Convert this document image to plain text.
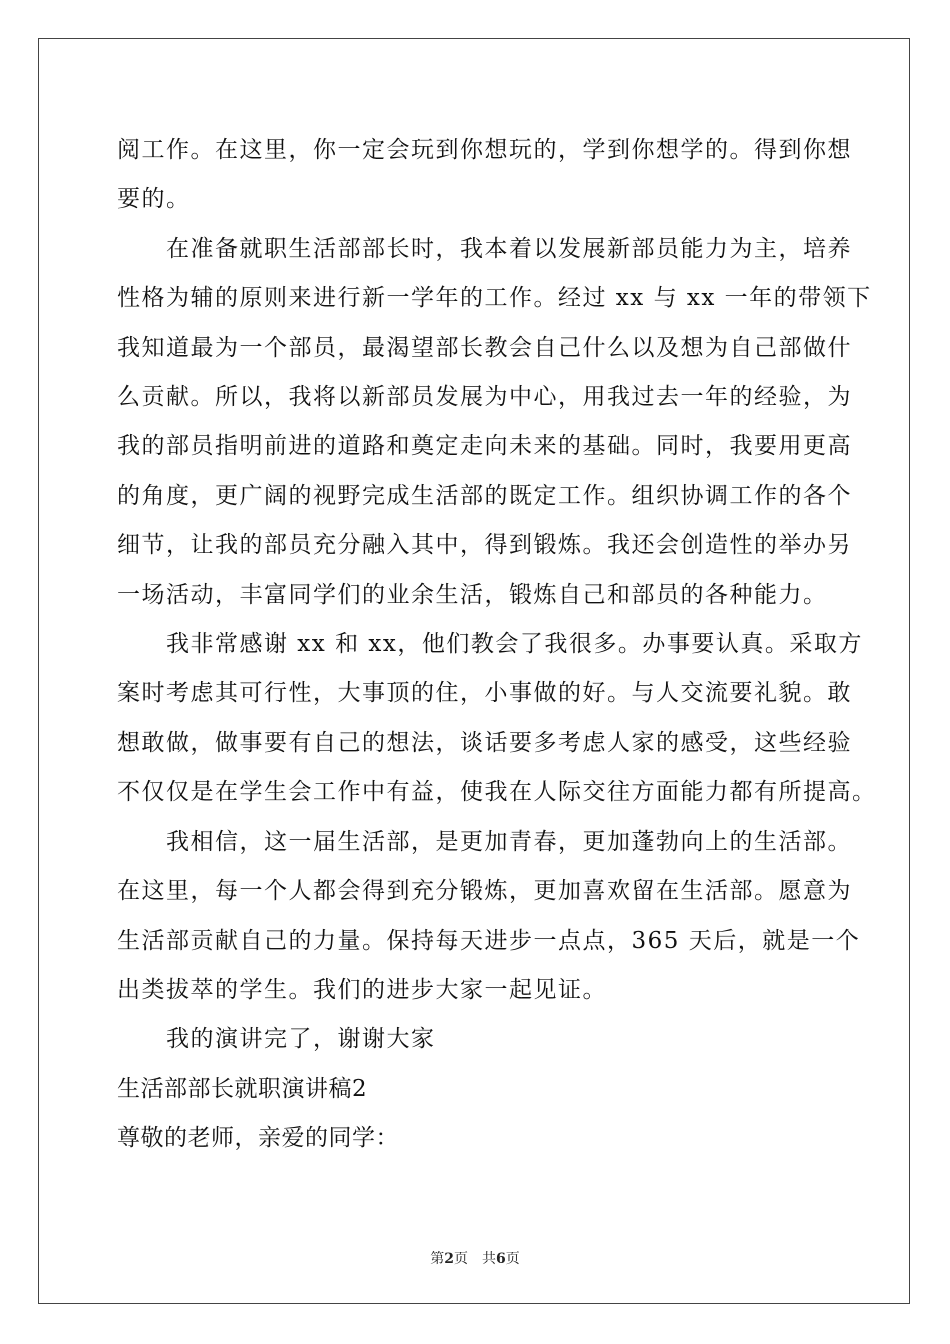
阅工作。在这里，你一定会玩到你想玩的，学到你想学的。得到你想
要的。
在准备就职生活部部长时，我本着以发展新部员能力为主，培养
性格为辅的原则来进行新一学年的工作。经过 xx 与 xx 一年的带领下
我知道最为一个部员，最渴望部长教会自己什么以及想为自己部做什
么贡献。所以，我将以新部员发展为中心，用我过去一年的经验，为
我的部员指明前进的道路和奠定走向未来的基础。同时，我要用更高
的角度，更广阔的视野完成生活部的既定工作。组织协调工作的各个
细节，让我的部员充分融入其中，得到锻炼。我还会创造性的举办另
一场活动，丰富同学们的业余生活，锻炼自己和部员的各种能力。
我非常感谢 xx 和 xx，他们教会了我很多。办事要认真。采取方
案时考虑其可行性，大事顶的住，小事做的好。与人交流要礼貌。敢
想敢做，做事要有自己的想法，谈话要多考虑人家的感受，这些经验
不仅仅是在学生会工作中有益，使我在人际交往方面能力都有所提高。
我相信，这一届生活部，是更加青春，更加蓬勃向上的生活部。
在这里，每一个人都会得到充分锻炼，更加喜欢留在生活部。愿意为
生活部贡献自己的力量。保持每天进步一点点，365 天后，就是一个
出类拔萃的学生。我们的进步大家一起见证。
我的演讲完了，谢谢大家
生活部部长就职演讲稿2
尊敬的老师，亲爱的同学：
第2页 共6页
